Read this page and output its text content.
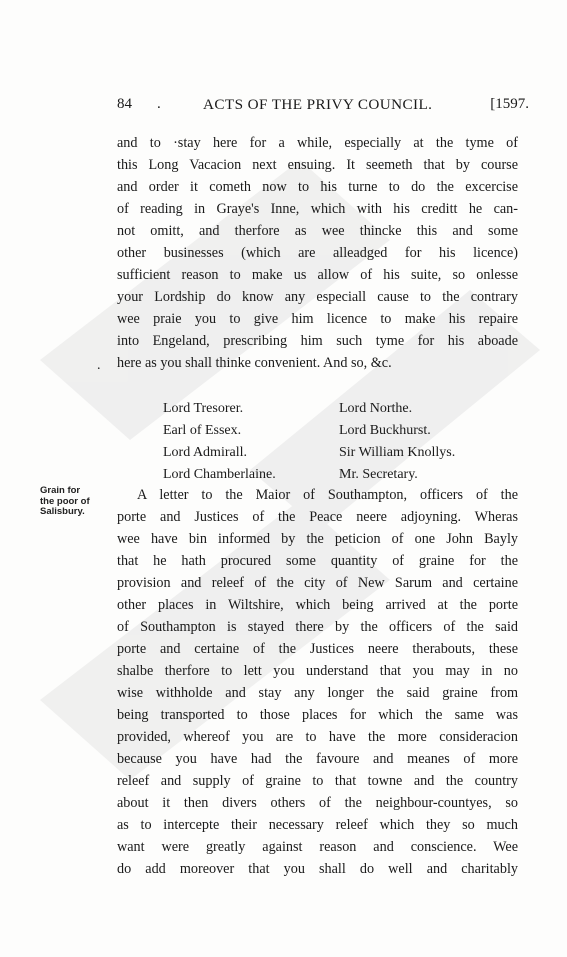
84 .	ACTS OF THE PRIVY COUNCIL.	[1597.
and to ·stay here for a while, especially at the tyme of
this Long Vacacion next ensuing. It seemeth that by course
and order it cometh now to his turne to do the excercise
of reading in Graye's Inne, which with his creditt he can-
not omitt, and therfore as wee thincke this and some
other businesses (which are alleadged for his licence)
sufficient reason to make us allow of his suite, so onlesse
your Lordship do know any especiall cause to the contrary
wee praie you to give him licence to make his repaire
into Engeland, prescribing him such tyme for his aboade
here as you shall thinke convenient. And so, &c.
.
Lord Tresorer.
Earl of Essex.
Lord Admirall.
Lord Chamberlaine.
Lord Northe.
Lord Buckhurst.
Sir William Knollys.
Mr. Secretary.
Grain for
the poor of
Salisbury.
A letter to the Maior of Southampton, officers of the
porte and Justices of the Peace neere adjoyning. Wheras
wee have bin informed by the peticion of one John Bayly
that he hath procured some quantity of graine for the
provision and releef of the city of New Sarum and certaine
other places in Wiltshire, which being arrived at the porte
of Southampton is stayed there by the officers of the said
porte and certaine of the Justices neere therabouts, these
shalbe therfore to lett you understand that you may in no
wise withholde and stay any longer the said graine from
being transported to those places for which the same was
provided, whereof you are to have the more consideracion
because you have had the favoure and meanes of more
releef and supply of graine to that towne and the country
about it then divers others of the neighbour-countyes, so
as to intercepte their necessary releef which they so much
want were greatly against reason and conscience. Wee
do add moreover that you shall do well and charitably
